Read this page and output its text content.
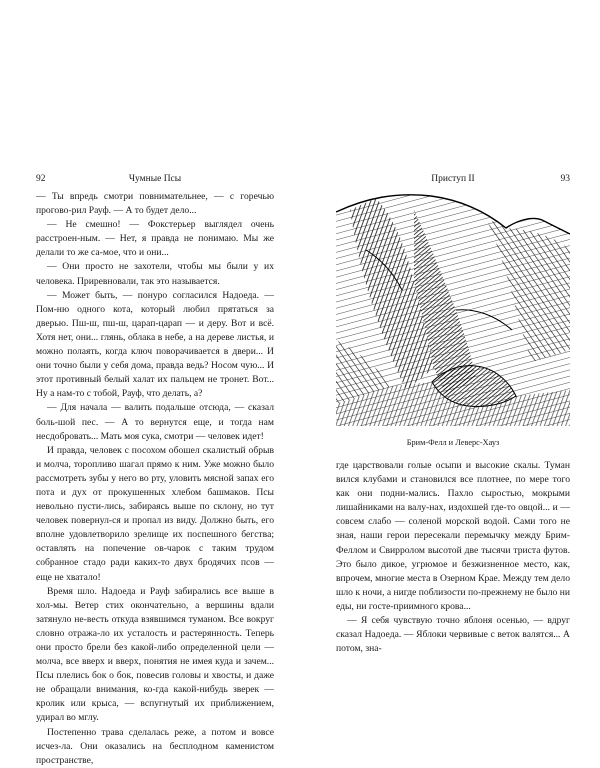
92	Чумные Псы

— Ты впредь смотри повнимательнее, — с горечью прогово-рил Рауф. — А то будет дело...

— Не смешно! — Фокстерьер выглядел очень расстроен-ным. — Нет, я правда не понимаю. Мы же делали то же са-мое, что и они...

— Они просто не захотели, чтобы мы были у их человека. Приревновали, так это называется.

— Может быть, — понуро согласился Надоеда. — Пом-ню одного кота, который любил прятаться за дверью. Пш-ш, пш-ш, царап-царап — и деру. Вот и всё. Хотя нет, они... глянь, облака в небе, а на дереве листья, и можно полаять, когда ключ поворачивается в двери... И они точно были у себя дома, правда ведь? Носом чую... И этот противный белый халат их пальцем не тронет. Вот... Ну а нам-то с тобой, Рауф, что делать, а?

— Для начала — валить подальше отсюда, — сказал боль-шой пес. — А то вернутся еще, и тогда нам несдобровать... Мать моя сука, смотри — человек идет!

И правда, человек с посохом обошел скалистый обрыв и молча, торопливо шагал прямо к ним. Уже можно было рассмотреть зубы у него во рту, уловить мясной запах его пота и дух от прокушенных хлебом башмаков. Псы невольно пусти-лись, забираясь выше по склону, но тут человек повернул-ся и пропал из виду. Должно быть, его вполне удовлетворило зрелище их поспешного бегства; оставлять на попечение ов-чарок с таким трудом собранное стадо ради каких-то двух бродячих псов — еще не хватало!

Время шло. Надоеда и Рауф забирались все выше в хол-мы. Ветер стих окончательно, а вершины вдали затянуло не-весть откуда взявшимся туманом. Все вокруг словно отража-ло их усталость и растерянность. Теперь они просто брели без какой-либо определенной цели — молча, все вверх и вверх, понятия не имея куда и зачем... Псы плелись бок о бок, повесив головы и хвосты, и даже не обращали внимания, ко-гда какой-нибудь зверек — кролик или крыса, — вспугнутый их приближением, удирал во мглу.

Постепенно трава сделалась реже, а потом и вовсе исчез-ла. Они оказались на бесплодном каменистом пространстве,

Приступ II	93
Брим-Фелл и Леверс-Хауз

где царствовали голые осыпи и высокие скалы. Туман вился клубами и становился все плотнее, по мере того как они подни-мались. Пахло сыростью, мокрыми лишайниками на валу-нах, издохшей где-то овцой... и — совсем слабо — соленой морской водой. Сами того не зная, наши герои пересекали перемычку между Брим-Феллом и Свирролом высотой две тысячи триста футов. Это было дикое, угрюмое и безжизненное место, как, впрочем, многие места в Озерном Крае. Между тем дело шло к ночи, а нигде поблизости по-прежнему не было ни еды, ни госте-приимного крова...

— Я себя чувствую точно яблоня осенью, — вдруг сказал Надоеда. — Яблоки червивые с веток валятся... А потом, зна-
